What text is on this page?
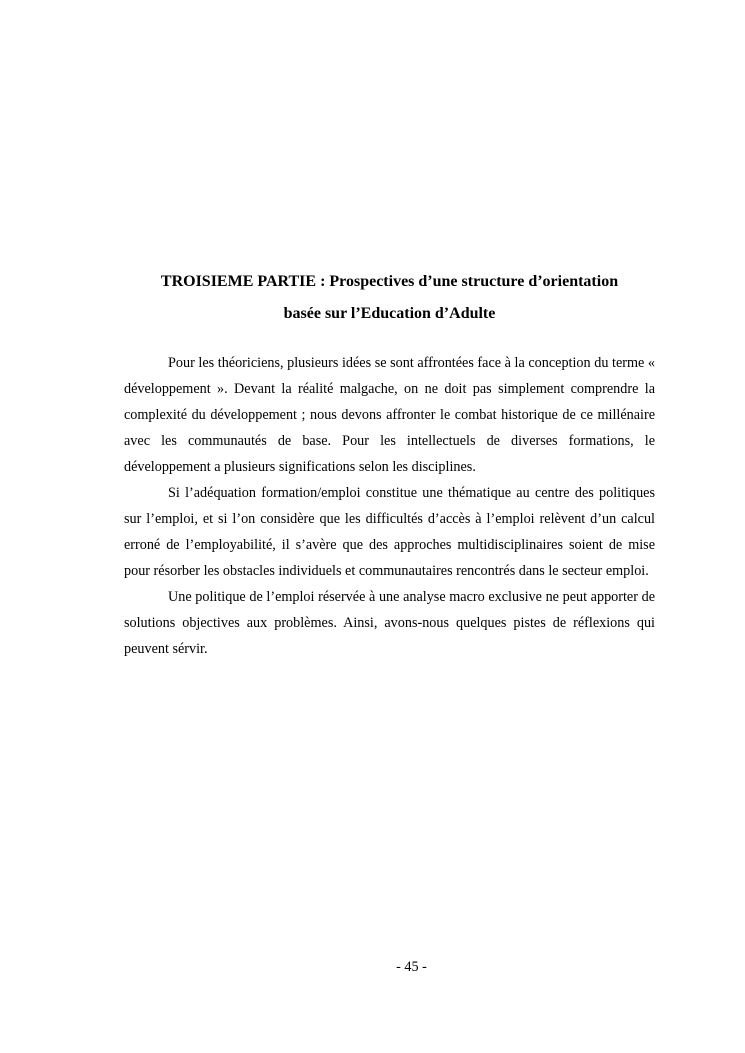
TROISIEME PARTIE : Prospectives d’une structure d’orientation
basée sur l’Education d’Adulte

Pour les théoriciens, plusieurs idées se sont affrontées face à la conception du terme « développement ». Devant la réalité malgache, on ne doit pas simplement comprendre la complexité du développement ; nous devons affronter le combat historique de ce millénaire avec les communautés de base. Pour les intellectuels de diverses formations, le développement a plusieurs significations selon les disciplines.

Si l’adéquation formation/emploi constitue une thématique au centre des politiques sur l’emploi, et si l’on considère que les difficultés d’accès à l’emploi relèvent d’un calcul erroné de l’employabilité, il s’avère que des approches multidisciplinaires soient de mise pour résorber les obstacles individuels et communautaires rencontrés dans le secteur emploi.

Une politique de l’emploi réservée à une analyse macro exclusive ne peut apporter de solutions objectives aux problèmes. Ainsi, avons-nous quelques pistes de réflexions qui peuvent sérvir.

- 45 -
